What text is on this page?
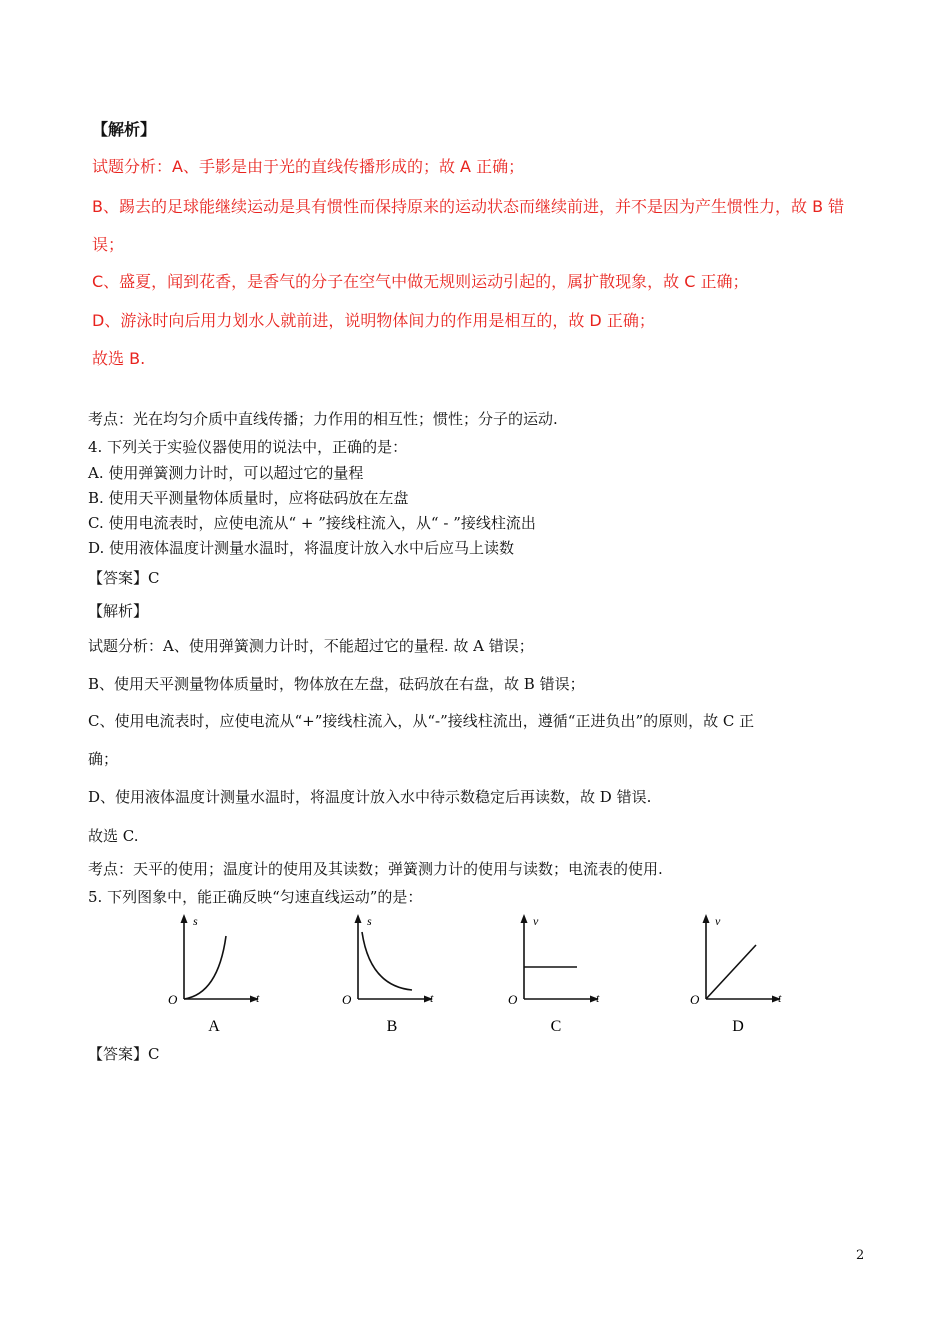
【解析】
试题分析：A、手影是由于光的直线传播形成的；故 A 正确；
B、踢去的足球能继续运动是具有惯性而保持原来的运动状态而继续前进，并不是因为产生惯性力，故 B 错
误；
C、盛夏，闻到花香，是香气的分子在空气中做无规则运动引起的，属扩散现象，故 C 正确；
D、游泳时向后用力划水人就前进，说明物体间力的作用是相互的，故 D 正确；
故选 B.
考点：光在均匀介质中直线传播；力作用的相互性；惯性；分子的运动.
4. 下列关于实验仪器使用的说法中，正确的是：
A. 使用弹簧测力计时，可以超过它的量程
B. 使用天平测量物体质量时，应将砝码放在左盘
C. 使用电流表时，应使电流从“ + ”接线柱流入，从“ - ”接线柱流出
D. 使用液体温度计测量水温时，将温度计放入水中后应马上读数
【答案】C
【解析】
试题分析：A、使用弹簧测力计时，不能超过它的量程. 故 A 错误；
B、使用天平测量物体质量时，物体放在左盘，砝码放在右盘，故 B 错误；
C、使用电流表时，应使电流从“+”接线柱流入，从“-”接线柱流出，遵循“正进负出”的原则，故 C 正
确；
D、使用液体温度计测量水温时，将温度计放入水中待示数稳定后再读数，故 D 错误.
故选 C.
考点：天平的使用；温度计的使用及其读数；弹簧测力计的使用与读数；电流表的使用.
5. 下列图象中，能正确反映“匀速直线运动”的是：
s
t
O
A
s
t
O
B
v
t
O
C
v
t
O
D
【答案】C
2
